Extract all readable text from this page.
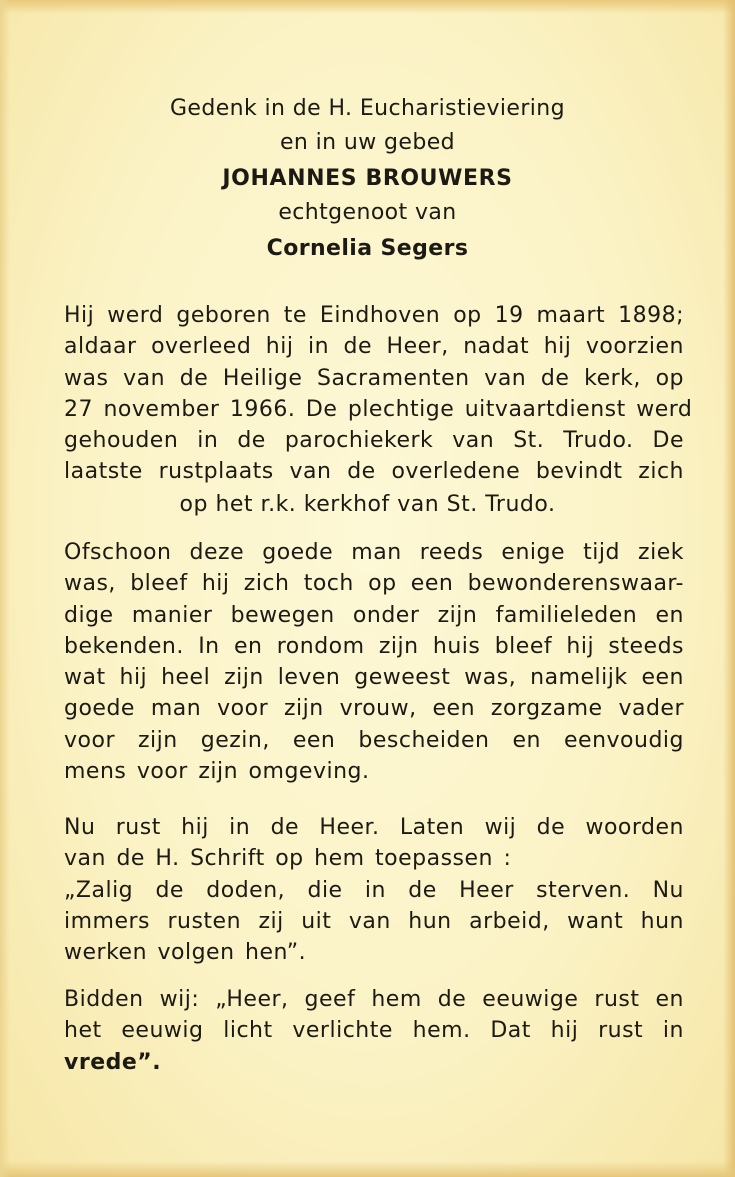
Gedenk in de H. Eucharistieviering
en in uw gebed
JOHANNES BROUWERS
echtgenoot van
Cornelia Segers
Hij werd geboren te Eindhoven op 19 maart 1898;
aldaar overleed hij in de Heer, nadat hij voorzien
was van de Heilige Sacramenten van de kerk, op
27 november 1966. De plechtige uitvaartdienst werd
gehouden in de parochiekerk van St. Trudo. De
laatste rustplaats van de overledene bevindt zich
op het r.k. kerkhof van St. Trudo.
Ofschoon deze goede man reeds enige tijd ziek
was, bleef hij zich toch op een bewonderenswaar-
dige manier bewegen onder zijn familieleden en
bekenden. In en rondom zijn huis bleef hij steeds
wat hij heel zijn leven geweest was, namelijk een
goede man voor zijn vrouw, een zorgzame vader
voor zijn gezin, een bescheiden en eenvoudig
mens voor zijn omgeving.
Nu rust hij in de Heer. Laten wij de woorden
van de H. Schrift op hem toepassen :
„Zalig de doden, die in de Heer sterven. Nu
immers rusten zij uit van hun arbeid, want hun
werken volgen hen”.
Bidden wij: „Heer, geef hem de eeuwige rust en
het eeuwig licht verlichte hem. Dat hij rust in
vrede”.
